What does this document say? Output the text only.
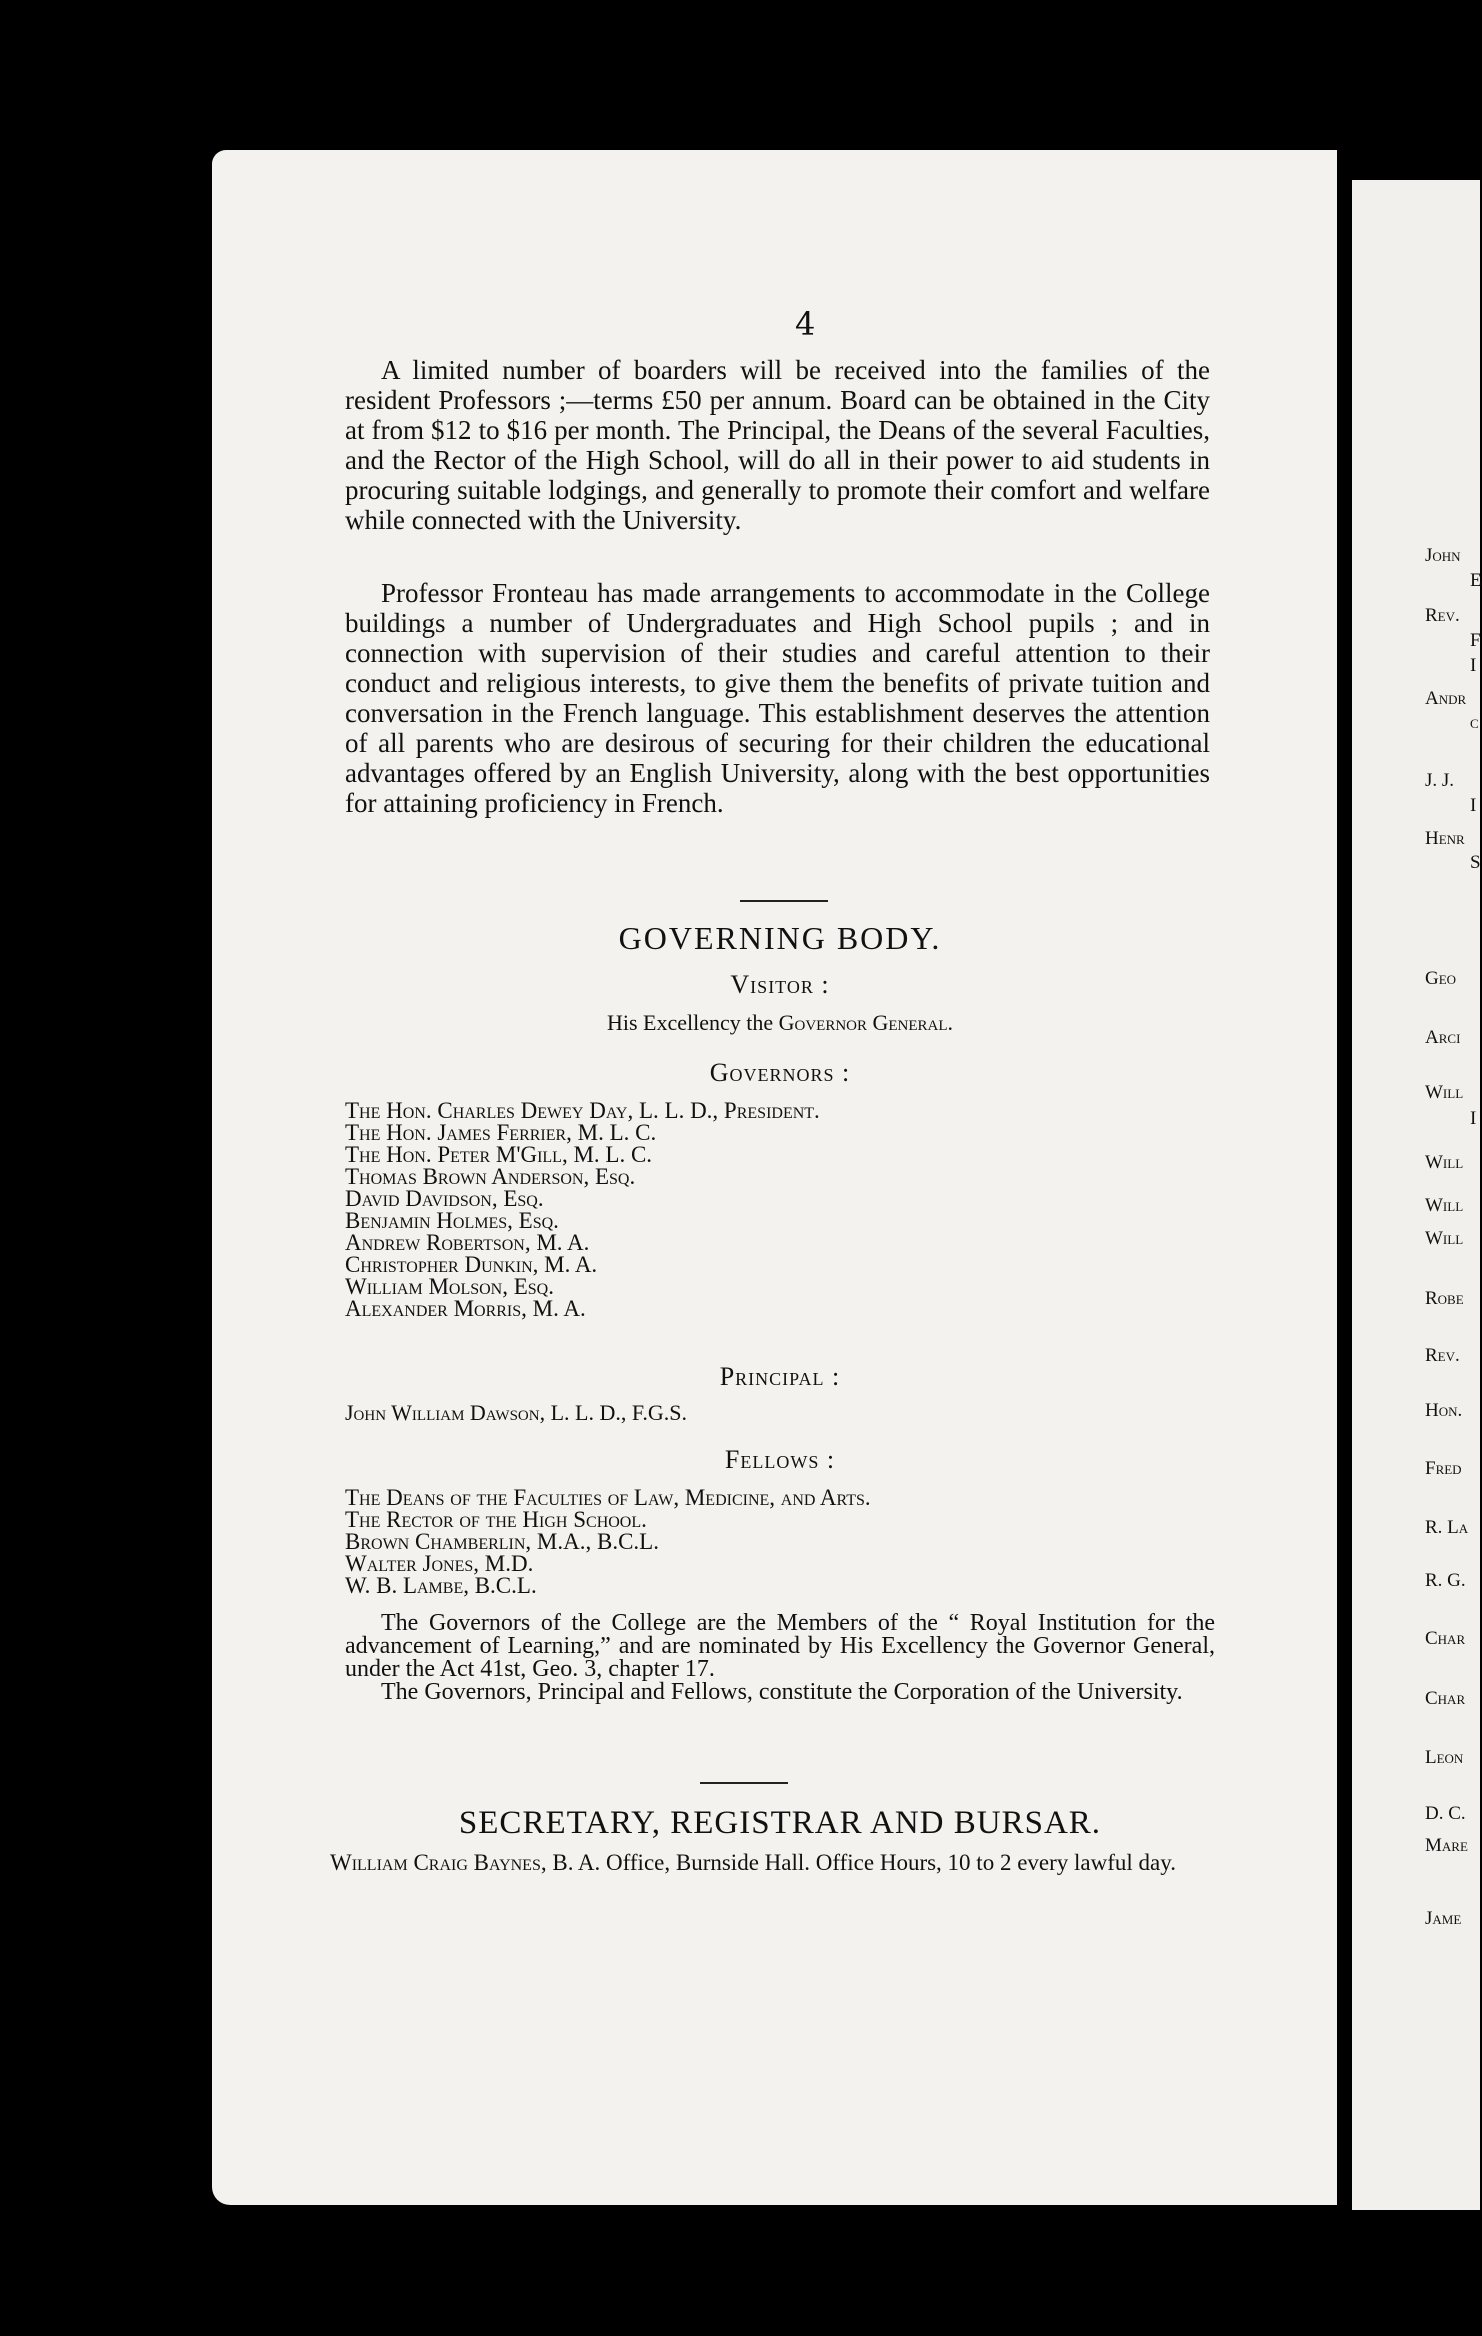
4

A limited number of boarders will be received into the families of the resident Professors ;—terms £50 per annum. Board can be obtained in the City at from $12 to $16 per month. The Principal, the Deans of the several Faculties, and the Rector of the High School, will do all in their power to aid students in procuring suitable lodgings, and generally to promote their comfort and welfare while connected with the University.

Professor Fronteau has made arrangements to accommodate in the College buildings a number of Undergraduates and High School pupils ; and in connection with supervision of their studies and careful attention to their conduct and religious interests, to give them the benefits of private tuition and conversation in the French language. This establishment deserves the attention of all parents who are desirous of securing for their children the educational advantages offered by an English University, along with the best opportunities for attaining proficiency in French.

GOVERNING BODY.
Visitor :
His Excellency the Governor General.
Governors :
The Hon. Charles Dewey Day, L. L. D., President.
The Hon. James Ferrier, M. L. C.
The Hon. Peter M'Gill, M. L. C.
Thomas Brown Anderson, Esq.
David Davidson, Esq.
Benjamin Holmes, Esq.
Andrew Robertson, M. A.
Christopher Dunkin, M. A.
William Molson, Esq.
Alexander Morris, M. A.
Principal :
John William Dawson, L. L. D., F.G.S.
Fellows :
The Deans of the Faculties of Law, Medicine, and Arts.
The Rector of the High School.
Brown Chamberlin, M.A., B.C.L.
Walter Jones, M.D.
W. B. Lambe, B.C.L.

The Governors of the College are the Members of the “ Royal Institution for the advancement of Learning,” and are nominated by His Excellency the Governor General, under the Act 41st, Geo. 3, chapter 17.

The Governors, Principal and Fellows, constitute the Corporation of the University.

SECRETARY, REGISTRAR AND BURSAR.
William Craig Baynes, B. A. Office, Burnside Hall. Office Hours, 10 to 2 every lawful day.
John
E
Rev.
F
I
Andr
c
J. J.
I
Henr
S
Geo
Arci
Will
I
Will
Will
Will
Robe
Rev.
Hon.
Fred
R. La
R. G.
Char
Char
Leon
D. C.
Mare
Jame
